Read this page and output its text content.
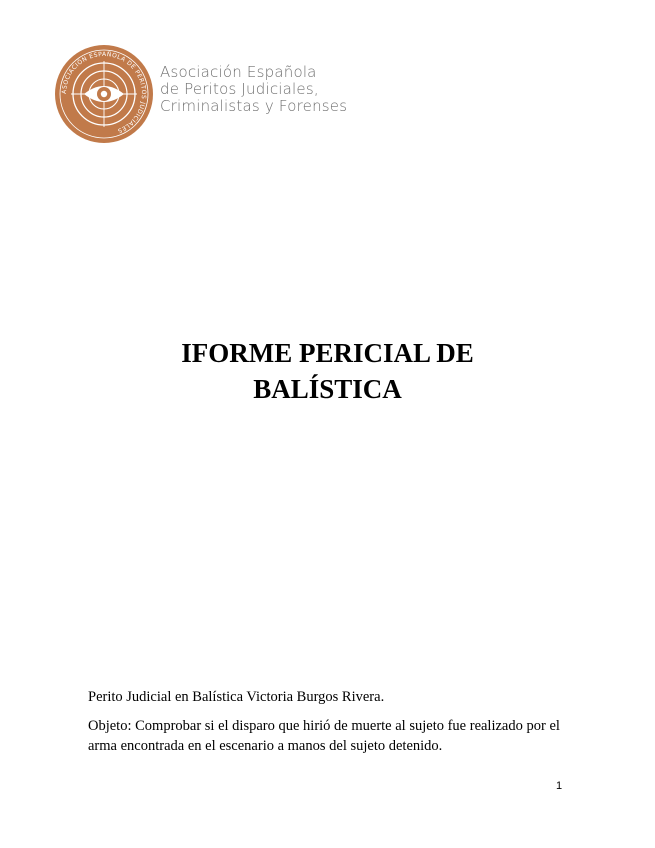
ASOCIACIÓN ESPAÑOLA DE PERITOS JUDICIALES
Asociación Española
de Peritos Judiciales,
Criminalistas y Forenses
IFORME PERICIAL DE
BALÍSTICA

Perito Judicial en Balística Victoria Burgos Rivera.

Objeto: Comprobar si el disparo que hirió de muerte al sujeto fue realizado por el arma encontrada en el escenario a manos del sujeto detenido.

1
